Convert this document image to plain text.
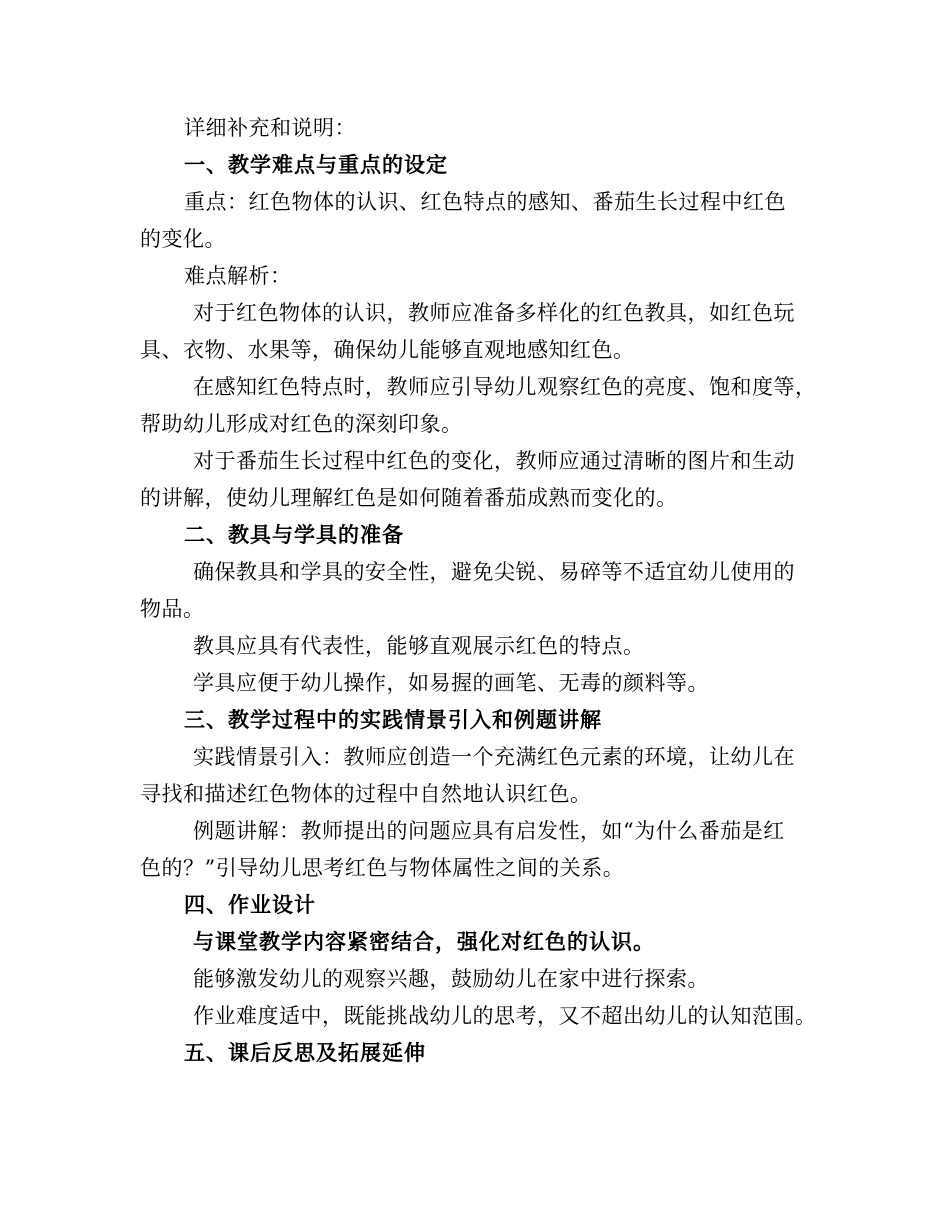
详细补充和说明：
一、教学难点与重点的设定
重点：红色物体的认识、红色特点的感知、番茄生长过程中红色
的变化。
难点解析：
对于红色物体的认识，教师应准备多样化的红色教具，如红色玩
具、衣物、水果等，确保幼儿能够直观地感知红色。
在感知红色特点时，教师应引导幼儿观察红色的亮度、饱和度等，
帮助幼儿形成对红色的深刻印象。
对于番茄生长过程中红色的变化，教师应通过清晰的图片和生动
的讲解，使幼儿理解红色是如何随着番茄成熟而变化的。
二、教具与学具的准备
确保教具和学具的安全性，避免尖锐、易碎等不适宜幼儿使用的
物品。
教具应具有代表性，能够直观展示红色的特点。
学具应便于幼儿操作，如易握的画笔、无毒的颜料等。
三、教学过程中的实践情景引入和例题讲解
实践情景引入：教师应创造一个充满红色元素的环境，让幼儿在
寻找和描述红色物体的过程中自然地认识红色。
例题讲解：教师提出的问题应具有启发性，如“为什么番茄是红
色的？”引导幼儿思考红色与物体属性之间的关系。
四、作业设计
与课堂教学内容紧密结合，强化对红色的认识。
能够激发幼儿的观察兴趣，鼓励幼儿在家中进行探索。
作业难度适中，既能挑战幼儿的思考，又不超出幼儿的认知范围。
五、课后反思及拓展延伸
